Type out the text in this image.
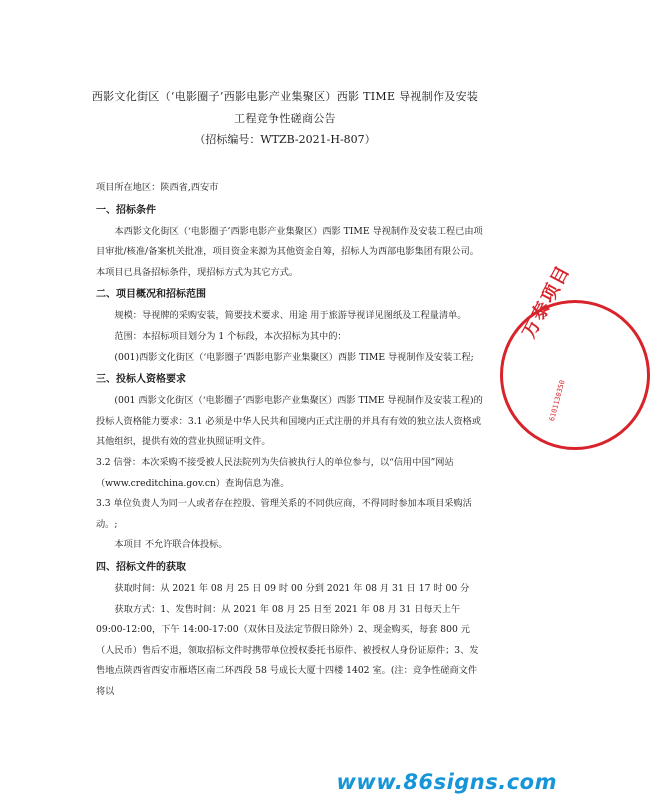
西影文化街区（‘电影圈子’西影电影产业集聚区）西影 TIME 导视制作及安装
工程竞争性磋商公告
（招标编号：WTZB-2021-H-807）

项目所在地区：陕西省,西安市

一、招标条件

本西影文化街区（‘电影圈子’西影电影产业集聚区）西影 TIME 导视制作及安装工程已由项目审批/核准/备案机关批准，项目资金来源为其他资金自筹，招标人为西部电影集团有限公司。本项目已具备招标条件，现招标方式为其它方式。

二、项目概况和招标范围

规模：导视牌的采购安装，简要技术要求、用途 用于旅游导视详见图纸及工程量清单。

范围：本招标项目划分为 1 个标段，本次招标为其中的：

(001)西影文化街区（‘电影圈子’西影电影产业集聚区）西影 TIME 导视制作及安装工程;

三、投标人资格要求

(001 西影文化街区（‘电影圈子’西影电影产业集聚区）西影 TIME 导视制作及安装工程)的投标人资格能力要求：3.1 必须是中华人民共和国境内正式注册的并具有有效的独立法人资格或其他组织，提供有效的营业执照证明文件。

3.2 信誉：本次采购不接受被人民法院列为失信被执行人的单位参与，以“信用中国”网站（www.creditchina.gov.cn）查询信息为准。

3.3 单位负责人为同一人或者存在控股、管理关系的不同供应商，不得同时参加本项目采购活动。;

本项目 不允许联合体投标。

四、招标文件的获取

获取时间：从 2021 年 08 月 25 日 09 时 00 分到 2021 年 08 月 31 日 17 时 00 分

获取方式：1、发售时间：从 2021 年 08 月 25 日至 2021 年 08 月 31 日每天上午 09:00-12:00，下午 14:00-17:00（双休日及法定节假日除外）2、现金购买，每套 800 元（人民币）售后不退，领取招标文件时携带单位授权委托书原件、被授权人身份证原件；3、发售地点陕西省西安市雁塔区南二环西段 58 号成长大厦十四楼 1402 室。(注：竞争性磋商文件将以

万泰项目
6101130350
www.86signs.com
